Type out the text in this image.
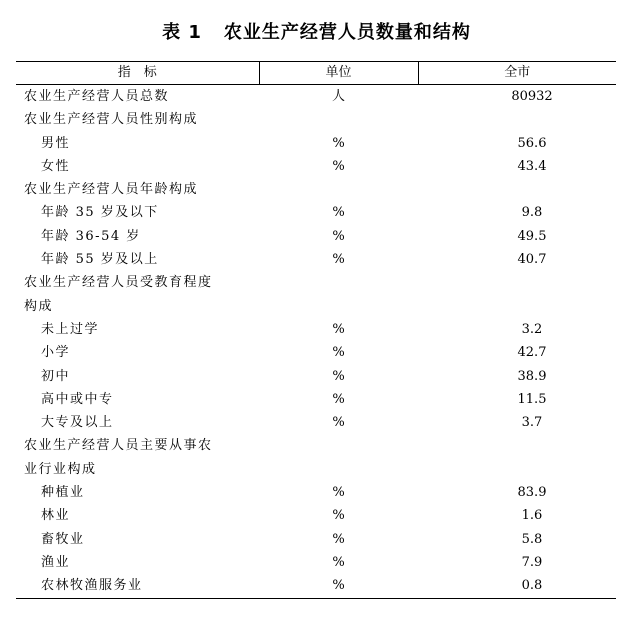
表 1 农业生产经营人员数量和结构
指　标	单位	全市
农业生产经营人员总数	人	80932
农业生产经营人员性别构成		
男性	%	56.6
女性	%	43.4
农业生产经营人员年龄构成		
年龄 35 岁及以下	%	9.8
年龄 36-54 岁	%	49.5
年龄 55 岁及以上	%	40.7
农业生产经营人员受教育程度		
构成		
未上过学	%	3.2
小学	%	42.7
初中	%	38.9
高中或中专	%	11.5
大专及以上	%	3.7
农业生产经营人员主要从事农		
业行业构成		
种植业	%	83.9
林业	%	1.6
畜牧业	%	5.8
渔业	%	7.9
农林牧渔服务业	%	0.8
